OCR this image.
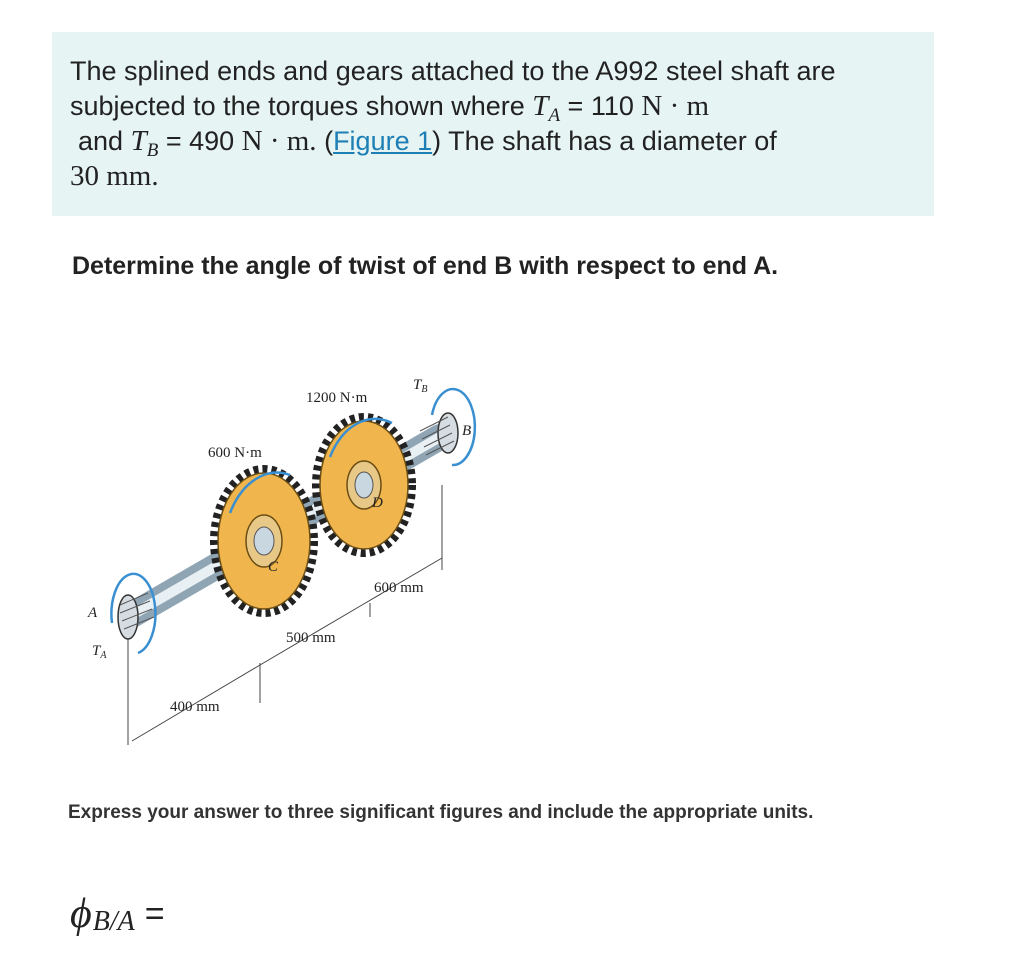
The splined ends and gears attached to the A992 steel shaft are
subjected to the torques shown where $T_A = 110$ N · m
and $T_B = 490$ N · m. (Figure 1) The shaft has a diameter of
30 mm.
Determine the angle of twist of end B with respect to end A.
1200 N·m
600 N·m
$T_B$
B
A
$T_A$
C
D
600 mm
500 mm
400 mm
Express your answer to three significant figures and include the appropriate units.
ϕ B/A =
